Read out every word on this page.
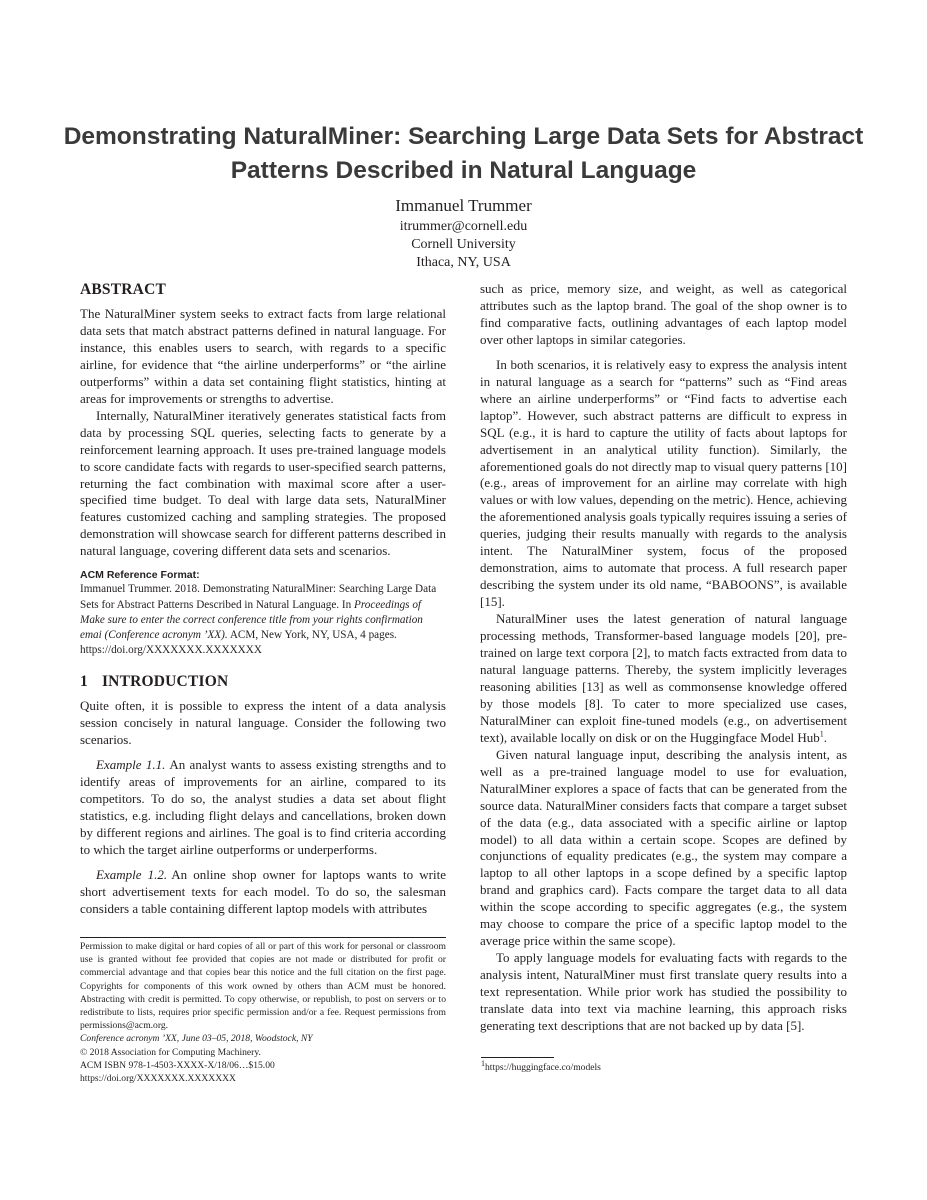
Demonstrating NaturalMiner: Searching Large Data Sets for Abstract Patterns Described in Natural Language
Immanuel Trummer
itrummer@cornell.edu
Cornell University
Ithaca, NY, USA
ABSTRACT

The NaturalMiner system seeks to extract facts from large relational data sets that match abstract patterns defined in natural language. For instance, this enables users to search, with regards to a specific airline, for evidence that “the airline underperforms” or “the airline outperforms” within a data set containing flight statistics, hinting at areas for improvements or strengths to advertise.

Internally, NaturalMiner iteratively generates statistical facts from data by processing SQL queries, selecting facts to generate by a reinforcement learning approach. It uses pre-trained language models to score candidate facts with regards to user-specified search patterns, returning the fact combination with maximal score after a user-specified time budget. To deal with large data sets, NaturalMiner features customized caching and sampling strategies. The proposed demonstration will showcase search for different patterns described in natural language, covering different data sets and scenarios.

ACM Reference Format:

Immanuel Trummer. 2018. Demonstrating NaturalMiner: Searching Large Data Sets for Abstract Patterns Described in Natural Language. In Proceedings of Make sure to enter the correct conference title from your rights confirmation emai (Conference acronym ’XX). ACM, New York, NY, USA, 4 pages. https://doi.org/XXXXXXX.XXXXXXX

1 INTRODUCTION

Quite often, it is possible to express the intent of a data analysis session concisely in natural language. Consider the following two scenarios.

Example 1.1. An analyst wants to assess existing strengths and to identify areas of improvements for an airline, compared to its competitors. To do so, the analyst studies a data set about flight statistics, e.g. including flight delays and cancellations, broken down by different regions and airlines. The goal is to find criteria according to which the target airline outperforms or underperforms.

Example 1.2. An online shop owner for laptops wants to write short advertisement texts for each model. To do so, the salesman considers a table containing different laptop models with attributes

such as price, memory size, and weight, as well as categorical attributes such as the laptop brand. The goal of the shop owner is to find comparative facts, outlining advantages of each laptop model over other laptops in similar categories.

In both scenarios, it is relatively easy to express the analysis intent in natural language as a search for “patterns” such as “Find areas where an airline underperforms” or “Find facts to advertise each laptop”. However, such abstract patterns are difficult to express in SQL (e.g., it is hard to capture the utility of facts about laptops for advertisement in an analytical utility function). Similarly, the aforementioned goals do not directly map to visual query patterns [10] (e.g., areas of improvement for an airline may correlate with high values or with low values, depending on the metric). Hence, achieving the aforementioned analysis goals typically requires issuing a series of queries, judging their results manually with regards to the analysis intent. The NaturalMiner system, focus of the proposed demonstration, aims to automate that process. A full research paper describing the system under its old name, “BABOONS”, is available [15].

NaturalMiner uses the latest generation of natural language processing methods, Transformer-based language models [20], pre-trained on large text corpora [2], to match facts extracted from data to natural language patterns. Thereby, the system implicitly leverages reasoning abilities [13] as well as commonsense knowledge offered by those models [8]. To cater to more specialized use cases, NaturalMiner can exploit fine-tuned models (e.g., on advertisement text), available locally on disk or on the Huggingface Model Hub$^1$.

Given natural language input, describing the analysis intent, as well as a pre-trained language model to use for evaluation, NaturalMiner explores a space of facts that can be generated from the source data. NaturalMiner considers facts that compare a target subset of the data (e.g., data associated with a specific airline or laptop model) to all data within a certain scope. Scopes are defined by conjunctions of equality predicates (e.g., the system may compare a laptop to all other laptops in a scope defined by a specific laptop brand and graphics card). Facts compare the target data to all data within the scope according to specific aggregates (e.g., the system may choose to compare the price of a specific laptop model to the average price within the same scope).

To apply language models for evaluating facts with regards to the analysis intent, NaturalMiner must first translate query results into a text representation. While prior work has studied the possibility to translate data into text via machine learning, this approach risks generating text descriptions that are not backed up by data [5].

Permission to make digital or hard copies of all or part of this work for personal or classroom use is granted without fee provided that copies are not made or distributed for profit or commercial advantage and that copies bear this notice and the full citation on the first page. Copyrights for components of this work owned by others than ACM must be honored. Abstracting with credit is permitted. To copy otherwise, or republish, to post on servers or to redistribute to lists, requires prior specific permission and/or a fee. Request permissions from permissions@acm.org.

Conference acronym ’XX, June 03–05, 2018, Woodstock, NY

© 2018 Association for Computing Machinery.

ACM ISBN 978-1-4503-XXXX-X/18/06…$15.00

https://doi.org/XXXXXXX.XXXXXXX

$^1$https://huggingface.co/models
